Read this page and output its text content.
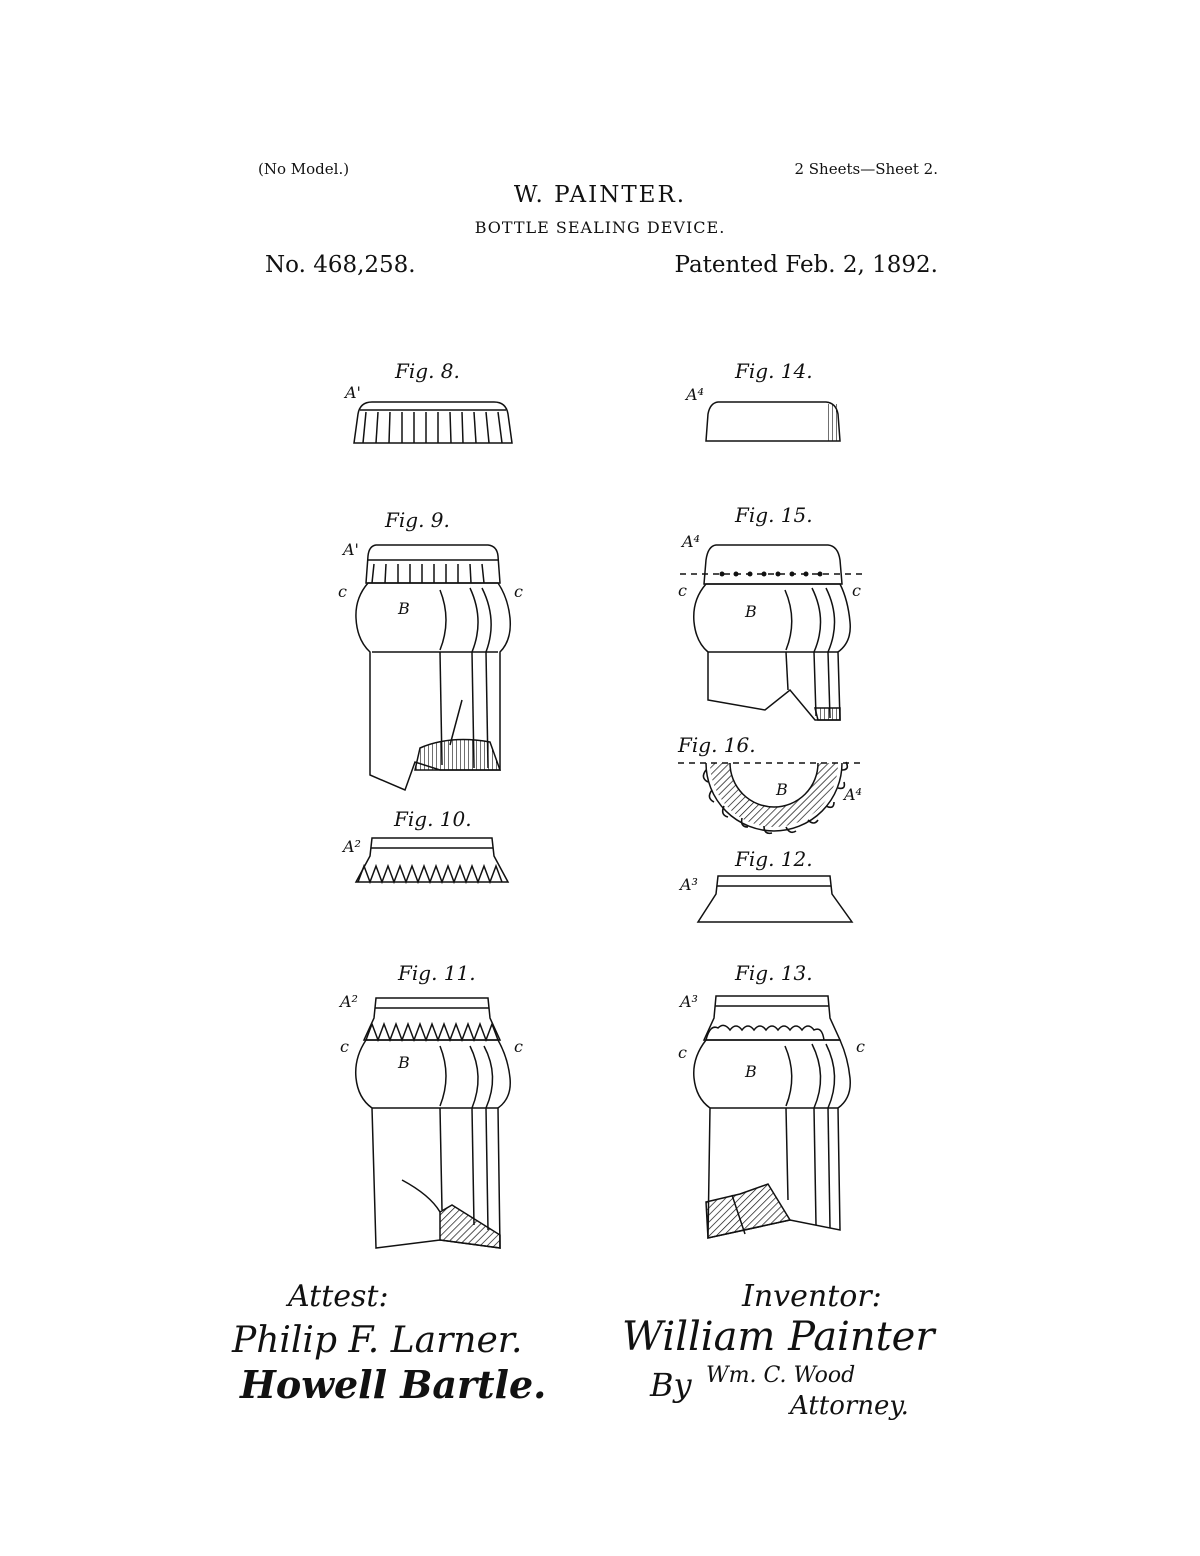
(No Model.)	2 Sheets—Sheet 2.
W. PAINTER.
BOTTLE SEALING DEVICE.
No. 468,258.	Patented Feb. 2, 1892.
Fig. 8.
A'
Fig. 14.
A⁴
Fig. 9.
A'
c	c
B
Fig. 15.
A⁴
c	c
B
Fig. 16.
B	A⁴
Fig. 10.
A²
Fig. 12.
A³
Fig. 11.
A²
c	c
B
Fig. 13.
A³
c	c
B
Attest:
Philip F. Larner.
Howell Bartle.
Inventor:
William Painter
By Wm. C. Wood
Attorney.
